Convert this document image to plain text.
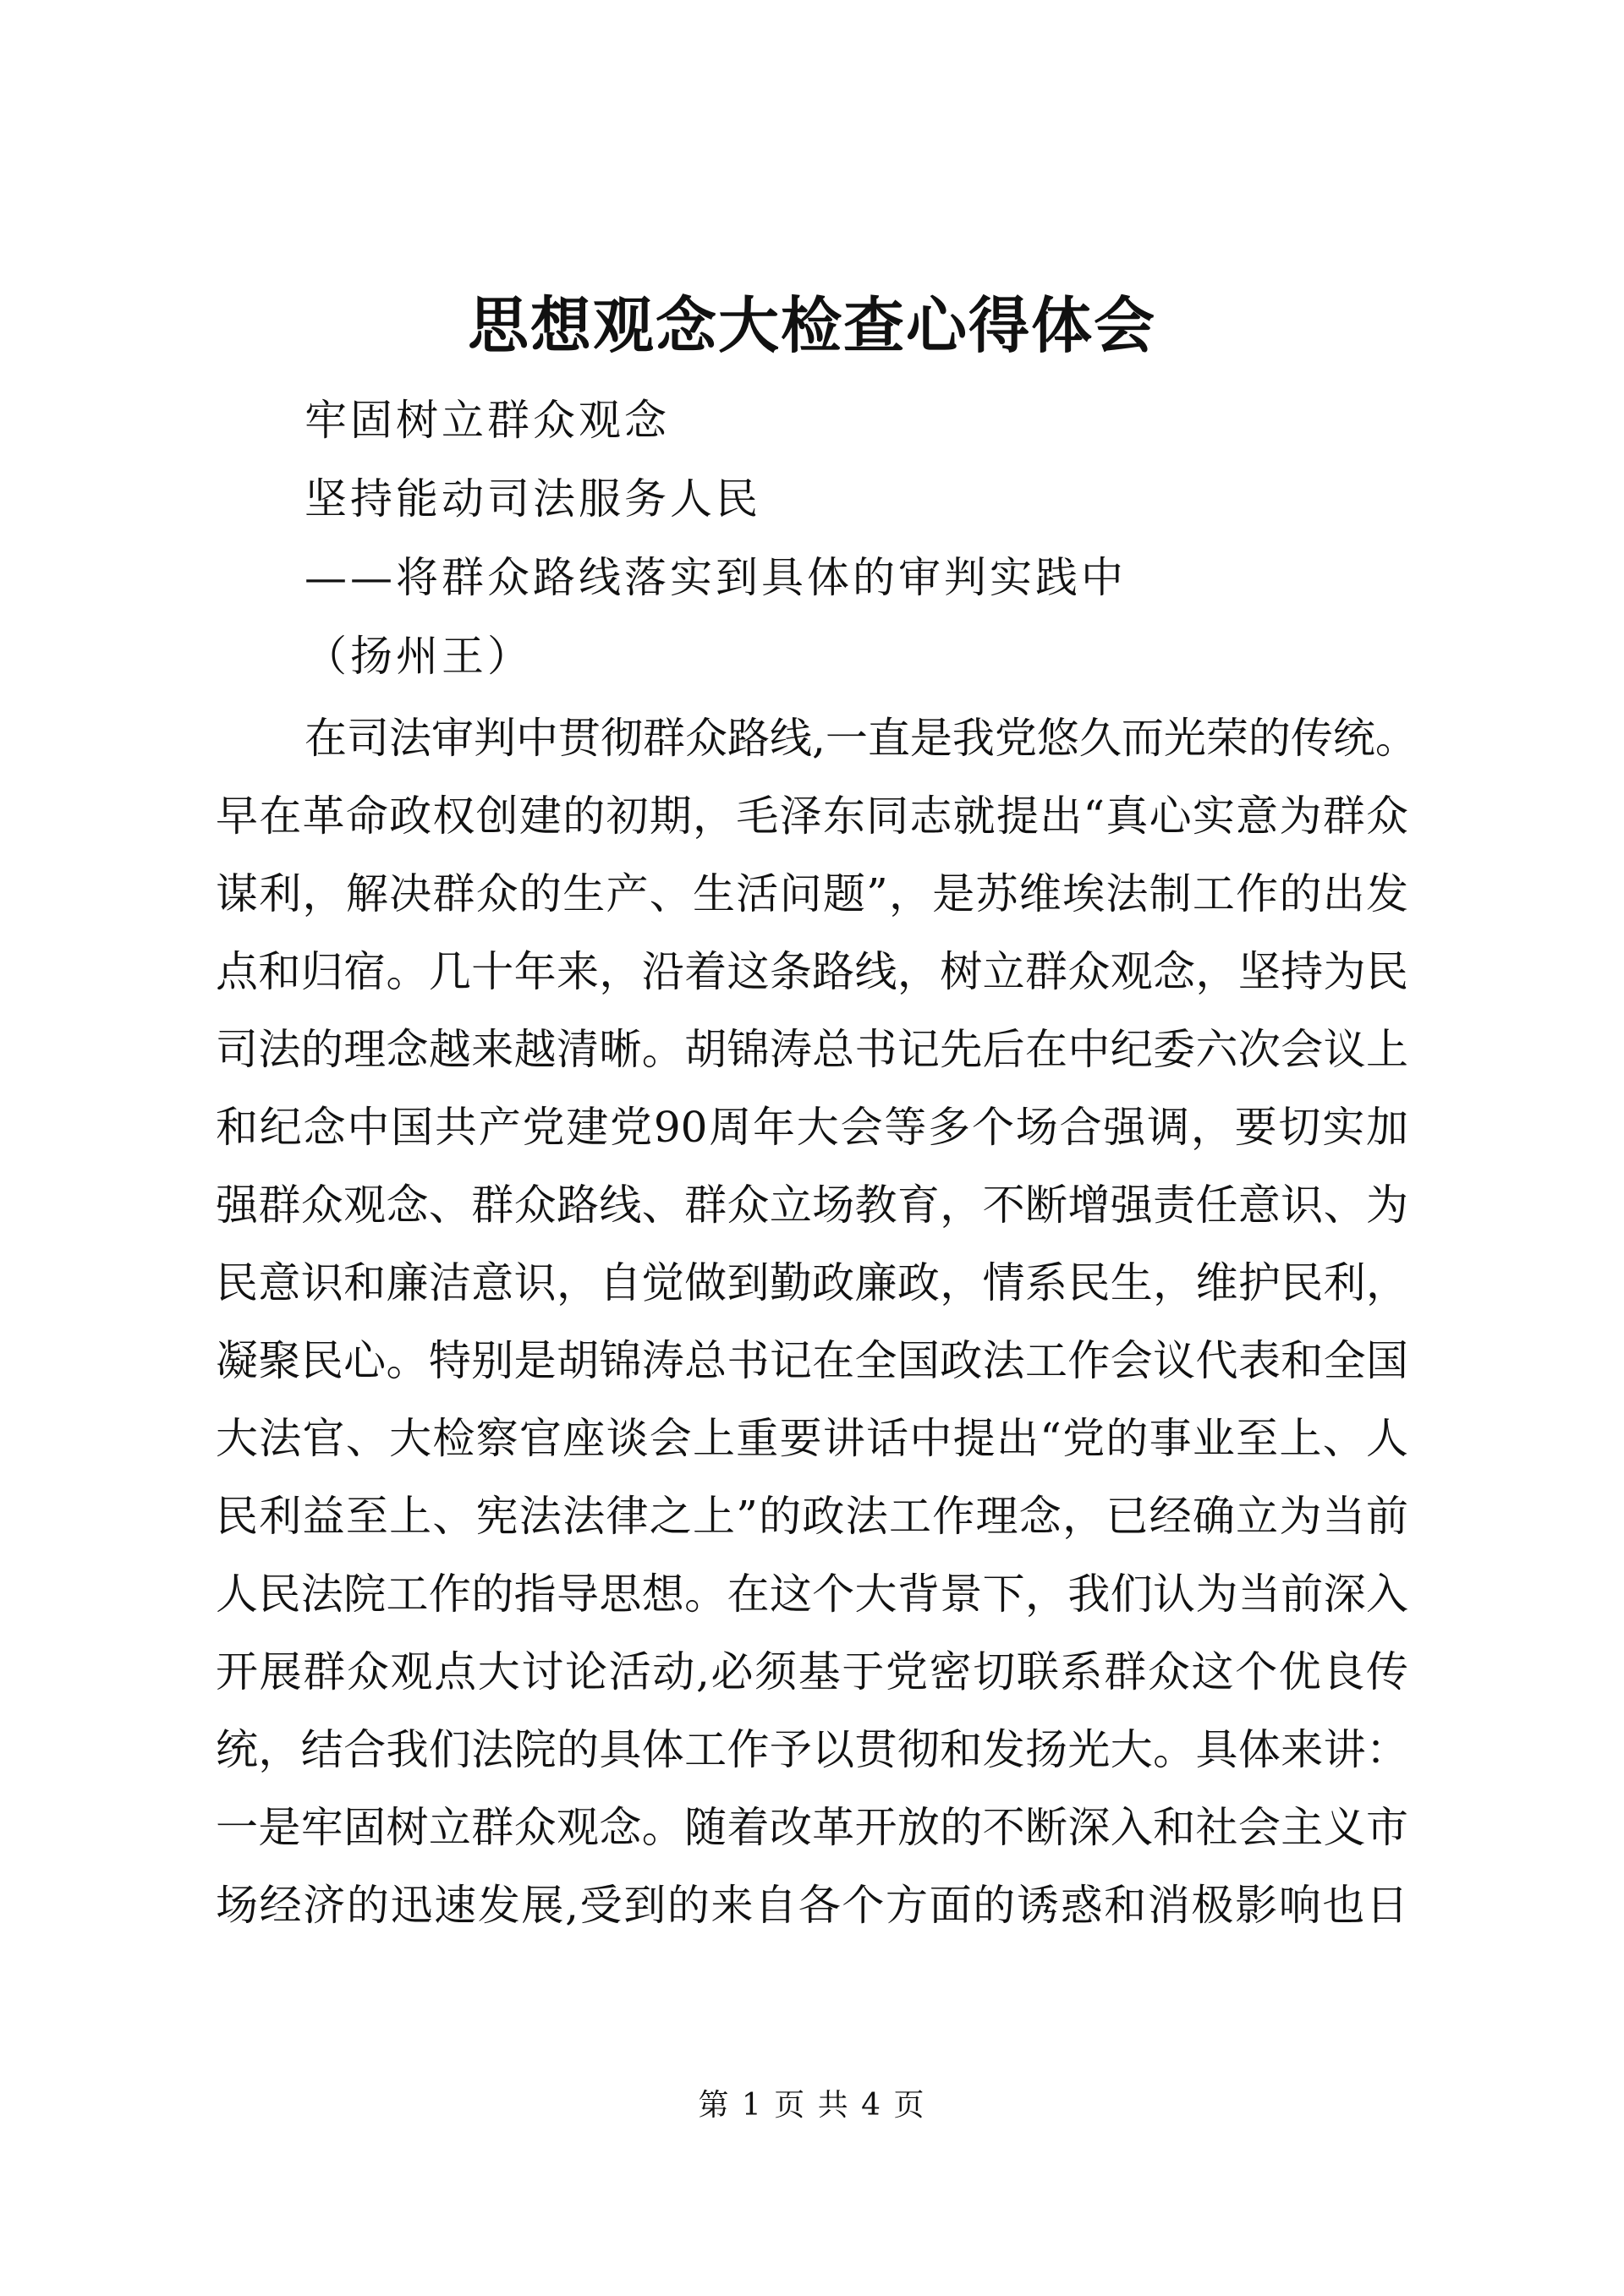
思想观念大检查心得体会
牢固树立群众观念
坚持能动司法服务人民
——将群众路线落实到具体的审判实践中
（扬州王）
在司法审判中贯彻群众路线,一直是我党悠久而光荣的传统。
早在革命政权创建的初期，毛泽东同志就提出“真心实意为群众
谋利，解决群众的生产、生活问题”，是苏维埃法制工作的出发
点和归宿。几十年来，沿着这条路线，树立群众观念，坚持为民
司法的理念越来越清晰。胡锦涛总书记先后在中纪委六次会议上
和纪念中国共产党建党90周年大会等多个场合强调，要切实加
强群众观念、群众路线、群众立场教育，不断增强责任意识、为
民意识和廉洁意识，自觉做到勤政廉政，情系民生，维护民利，
凝聚民心。特别是胡锦涛总书记在全国政法工作会议代表和全国
大法官、大检察官座谈会上重要讲话中提出“党的事业至上、人
民利益至上、宪法法律之上”的政法工作理念，已经确立为当前
人民法院工作的指导思想。在这个大背景下，我们认为当前深入
开展群众观点大讨论活动,必须基于党密切联系群众这个优良传
统，结合我们法院的具体工作予以贯彻和发扬光大。具体来讲：
一是牢固树立群众观念。随着改革开放的不断深入和社会主义市
场经济的迅速发展,受到的来自各个方面的诱惑和消极影响也日
第 1 页 共 4 页
